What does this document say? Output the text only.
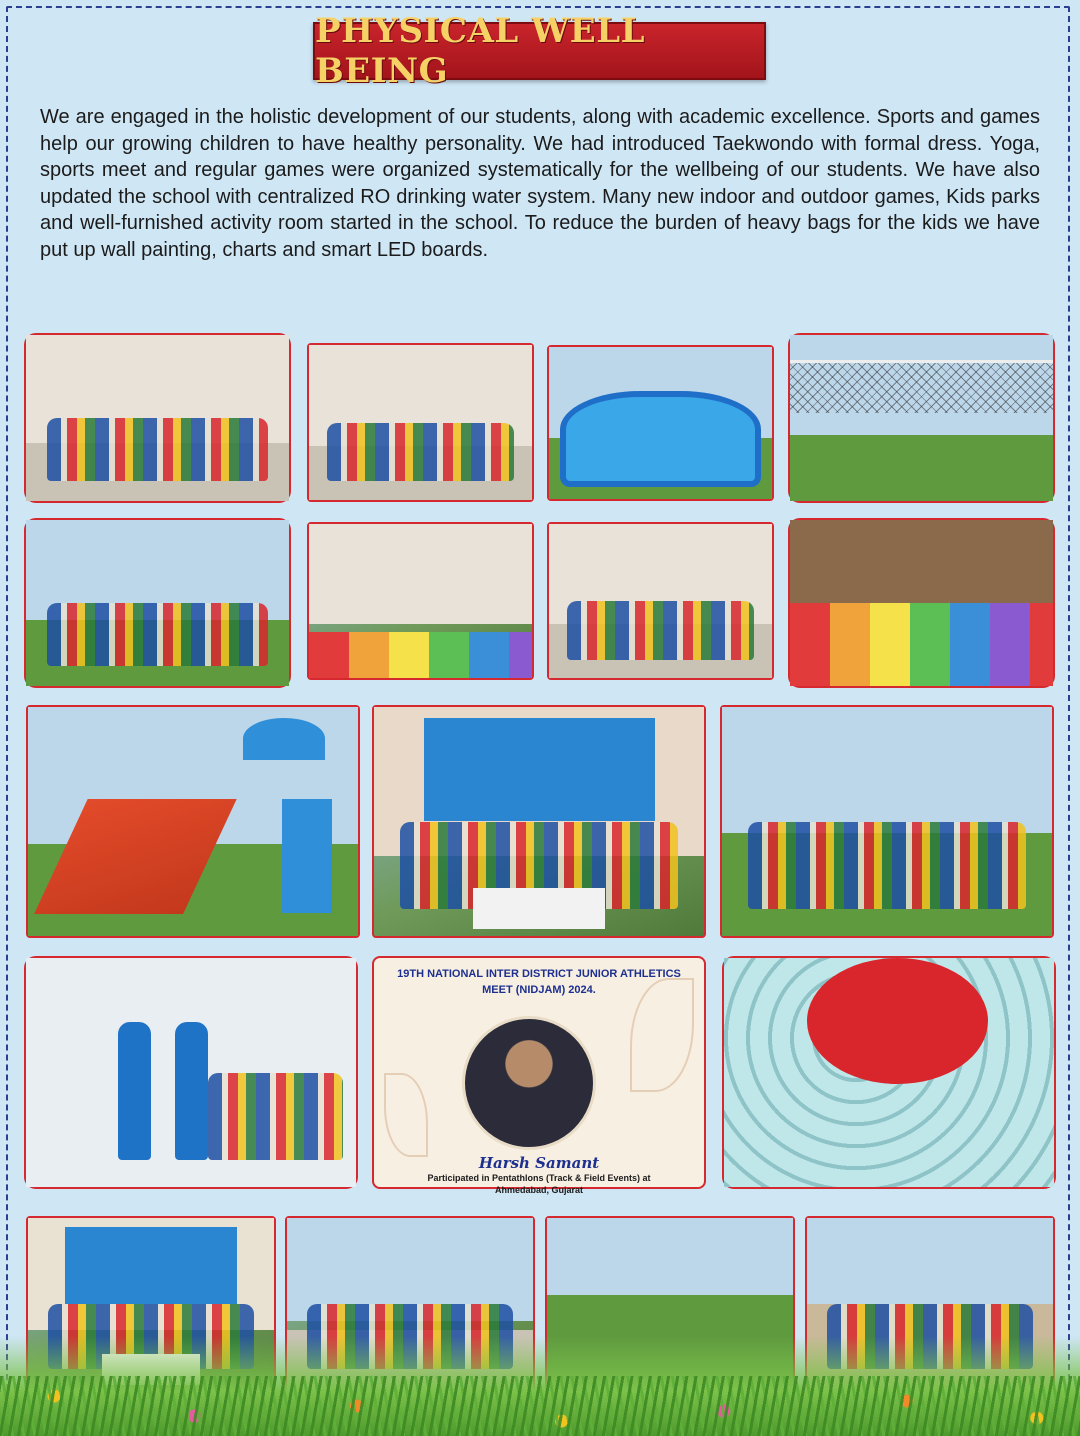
PHYSICAL WELL BEING

We are engaged in the holistic development of our students, along with academic excellence. Sports and games help our growing children to have healthy personality. We had introduced Taekwondo with formal dress. Yoga, sports meet and regular games were organized systematically for the wellbeing of our students. We have also updated the school with centralized RO drinking water system. Many new indoor and outdoor games, Kids parks and well-furnished activity room started in the school. To reduce the burden of heavy bags for the kids we have put up wall painting, charts and smart LED boards.

19TH NATIONAL INTER DISTRICT JUNIOR ATHLETICS
MEET (NIDJAM) 2024.

Harsh Samant
Participated in Pentathlons (Track & Field Events) at
Ahmedabad, Gujarat
